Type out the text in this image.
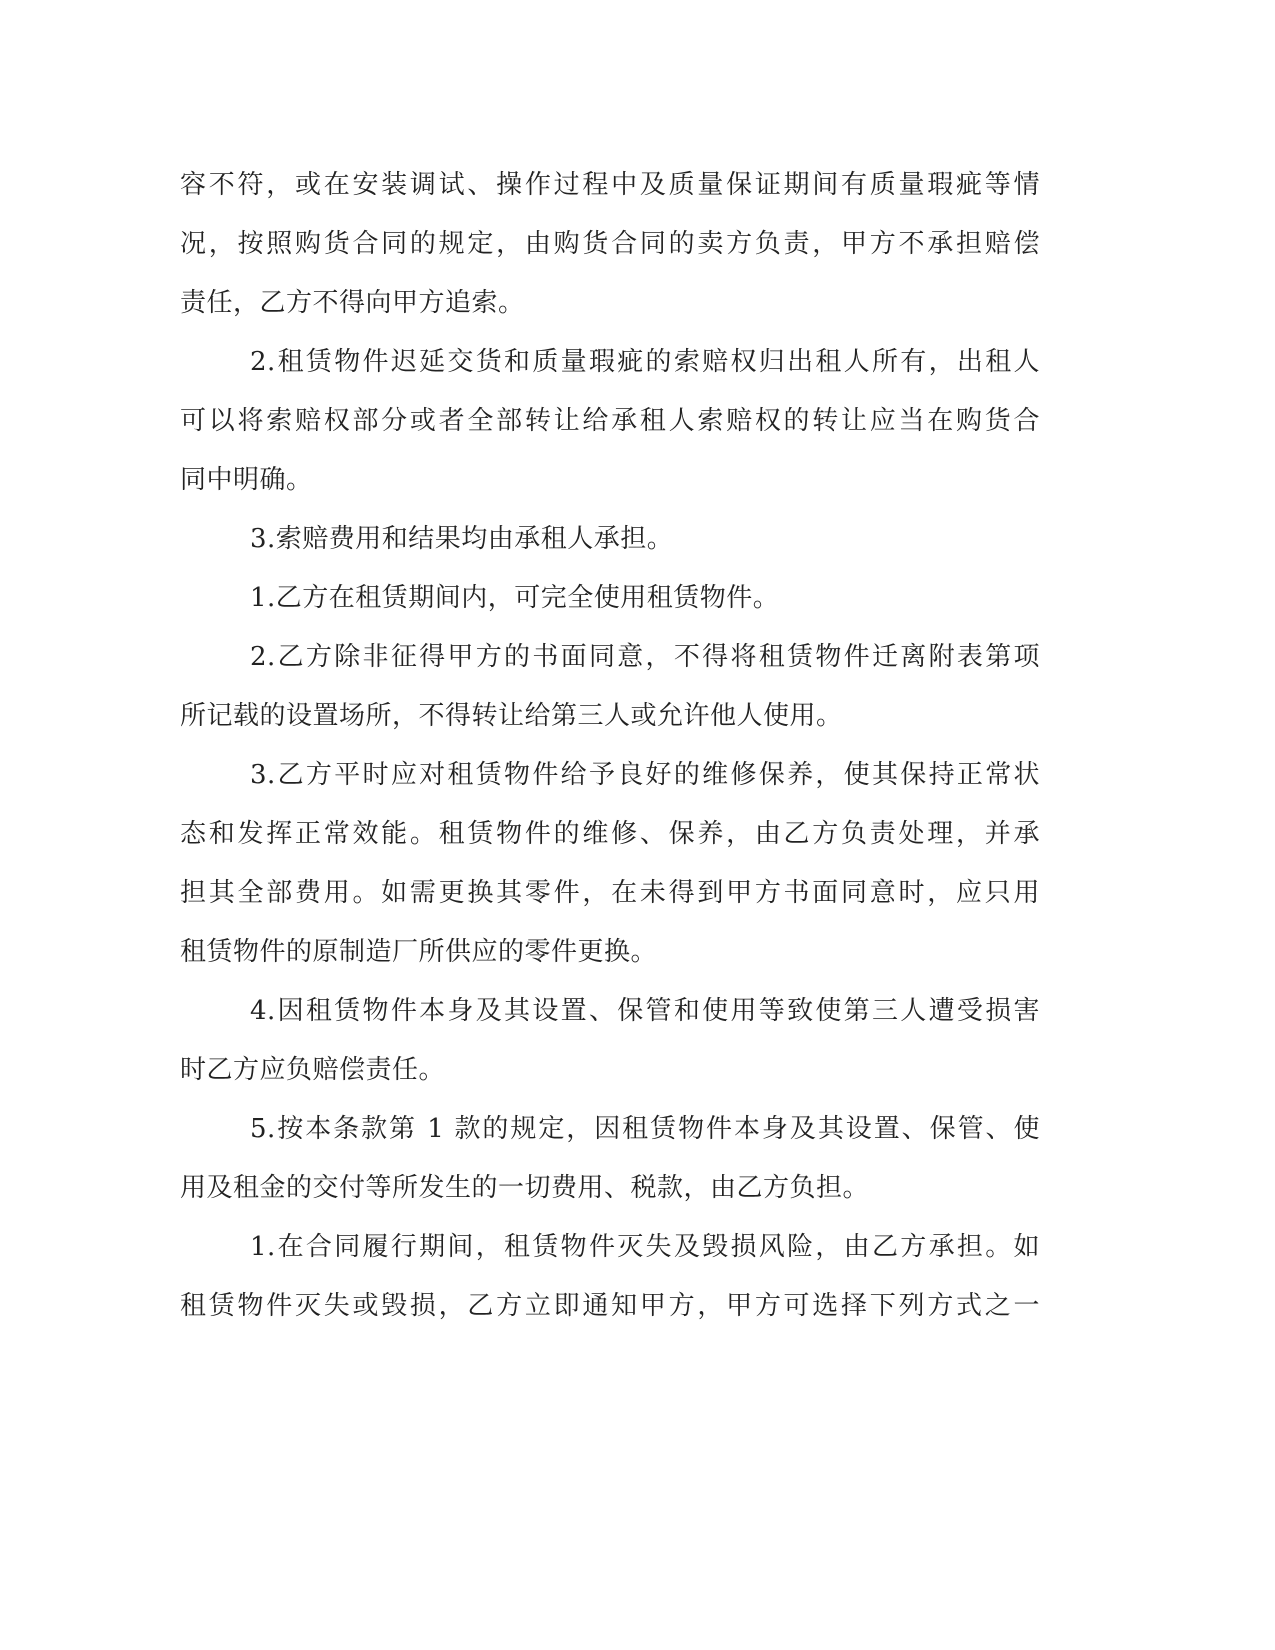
容不符，或在安装调试、操作过程中及质量保证期间有质量瑕疵等情
况，按照购货合同的规定，由购货合同的卖方负责，甲方不承担赔偿
责任，乙方不得向甲方追索。
2.租赁物件迟延交货和质量瑕疵的索赔权归出租人所有，出租人
可以将索赔权部分或者全部转让给承租人索赔权的转让应当在购货合
同中明确。
3.索赔费用和结果均由承租人承担。
1.乙方在租赁期间内，可完全使用租赁物件。
2.乙方除非征得甲方的书面同意，不得将租赁物件迁离附表第项
所记载的设置场所，不得转让给第三人或允许他人使用。
3.乙方平时应对租赁物件给予良好的维修保养，使其保持正常状
态和发挥正常效能。租赁物件的维修、保养，由乙方负责处理，并承
担其全部费用。如需更换其零件，在未得到甲方书面同意时，应只用
租赁物件的原制造厂所供应的零件更换。
4.因租赁物件本身及其设置、保管和使用等致使第三人遭受损害
时乙方应负赔偿责任。
5.按本条款第 1 款的规定，因租赁物件本身及其设置、保管、使
用及租金的交付等所发生的一切费用、税款，由乙方负担。
1.在合同履行期间，租赁物件灭失及毁损风险，由乙方承担。如
租赁物件灭失或毁损，乙方立即通知甲方，甲方可选择下列方式之一
